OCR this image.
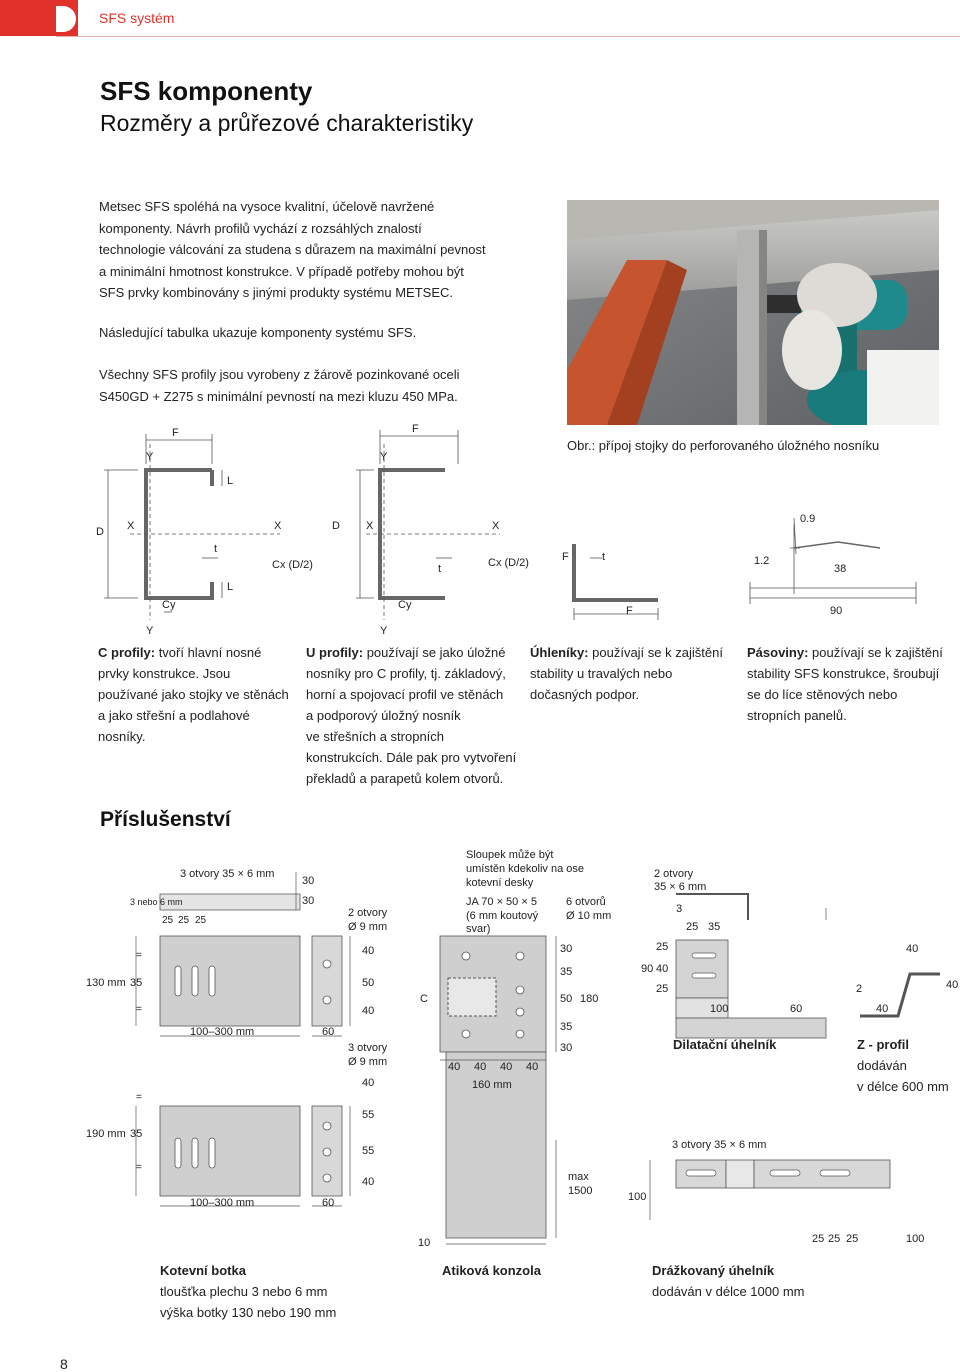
SFS systém
SFS komponenty
Rozměry a průřezové charakteristiky
Metsec SFS spoléhá na vysoce kvalitní, účelově navržené
komponenty. Návrh profilů vychází z rozsáhlých znalostí
technologie válcování za studena s důrazem na maximální pevnost
a minimální hmotnost konstrukce. V případě potřeby mohou být
SFS prvky kombinovány s jinými produkty systému METSEC.
Následující tabulka ukazuje komponenty systému SFS.
Všechny SFS profily jsou vyrobeny z žárově pozinkované oceli
S450GD + Z275 s minimální pevností na mezi kluzu 450 MPa.
Obr.: přípoj stojky do perforovaného úložného nosníku
D X	X
F
Y
Y
L
L
t
Cx (D/2)
Cy
D X	X
F
Y
Y
t	Cx (D/2)
Cy
F	t
F
0.9
38
1.2
90
C profily: tvoří hlavní nosné
prvky konstrukce. Jsou
používané jako stojky ve stěnách
a jako střešní a podlahové
nosníky.
U profily: používají se jako úložné
nosníky pro C profily, tj. základový,
horní a spojovací profil ve stěnách
a podporový úložný nosník
ve střešních a stropních
konstrukcích. Dále pak pro vytvoření
překladů a parapetů kolem otvorů.
Úhleníky: používají se k zajištění
stability u travalých nebo
dočasných podpor.
Pásoviny: používají se k zajištění
stability SFS konstrukce, šroubují
se do líce stěnových nebo
stropních panelů.
Příslušenství
3 otvory 35 × 6 mm
3 nebo 6 mm
25 25 25
30
30
2 otvory
Ø 9 mm
40
50
40
130 mm 35
=
=
100–300 mm	60
3 otvory
Ø 9 mm
40
55
55
40
190 mm 35
=
=
100–300 mm	60
Sloupek může být
umístěn kdekoliv na ose
kotevní desky
JA 70 × 50 × 5
(6 mm koutový
svar)
6 otvorů
Ø 10 mm
C
30
35
50 180
35
30
40 40 40 40
160 mm
max
1500
10
2 otvory
35 × 6 mm
3
25 35
25
90 40
25
100	60
40
40
2
40
3 otvory 35 × 6 mm
100
25 25 25	100
Dilatační úhelník	Z - profil
dodáván
v délce 600 mm
Kotevní botka
tloušťka plechu 3 nebo 6 mm
výška botky 130 nebo 190 mm
Atiková konzola	Drážkovaný úhelník
dodáván v délce 1000 mm
8
